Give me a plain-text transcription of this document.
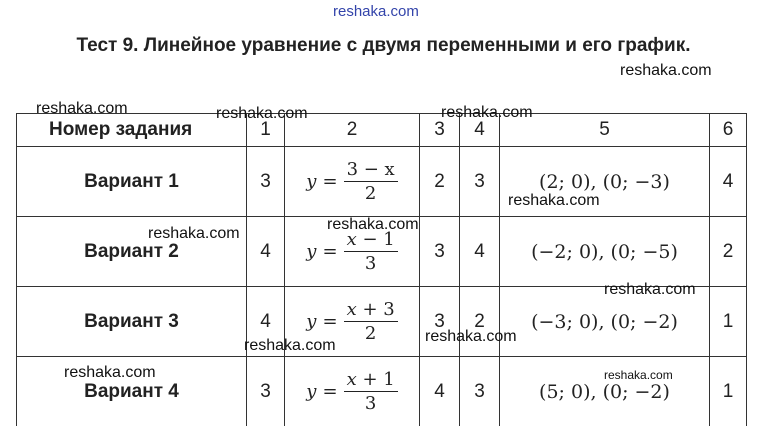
reshaka.com
Тест 9. Линейное уравнение с двумя переменными и его график.
reshaka.com
Номер задания	1	2	3	4	5	6
Вариант 1	3	$y = \frac{3 - x}{2}$	2	3	(2; 0), (0; −3)	4
Вариант 2	4	$y = \frac{x - 1}{3}$	3	4	(−2; 0), (0; −5)	2
Вариант 3	4	$y = \frac{x + 3}{2}$	3	2	(−3; 0), (0; −2)	1
Вариант 4	3	$y = \frac{x + 1}{3}$	4	3	(5; 0), (0; −2)	1
reshaka.com	reshaka.com	reshaka.com
reshaka.com
reshaka.com
reshaka.com
reshaka.com
reshaka.com
reshaka.com
reshaka.com	reshaka.com
